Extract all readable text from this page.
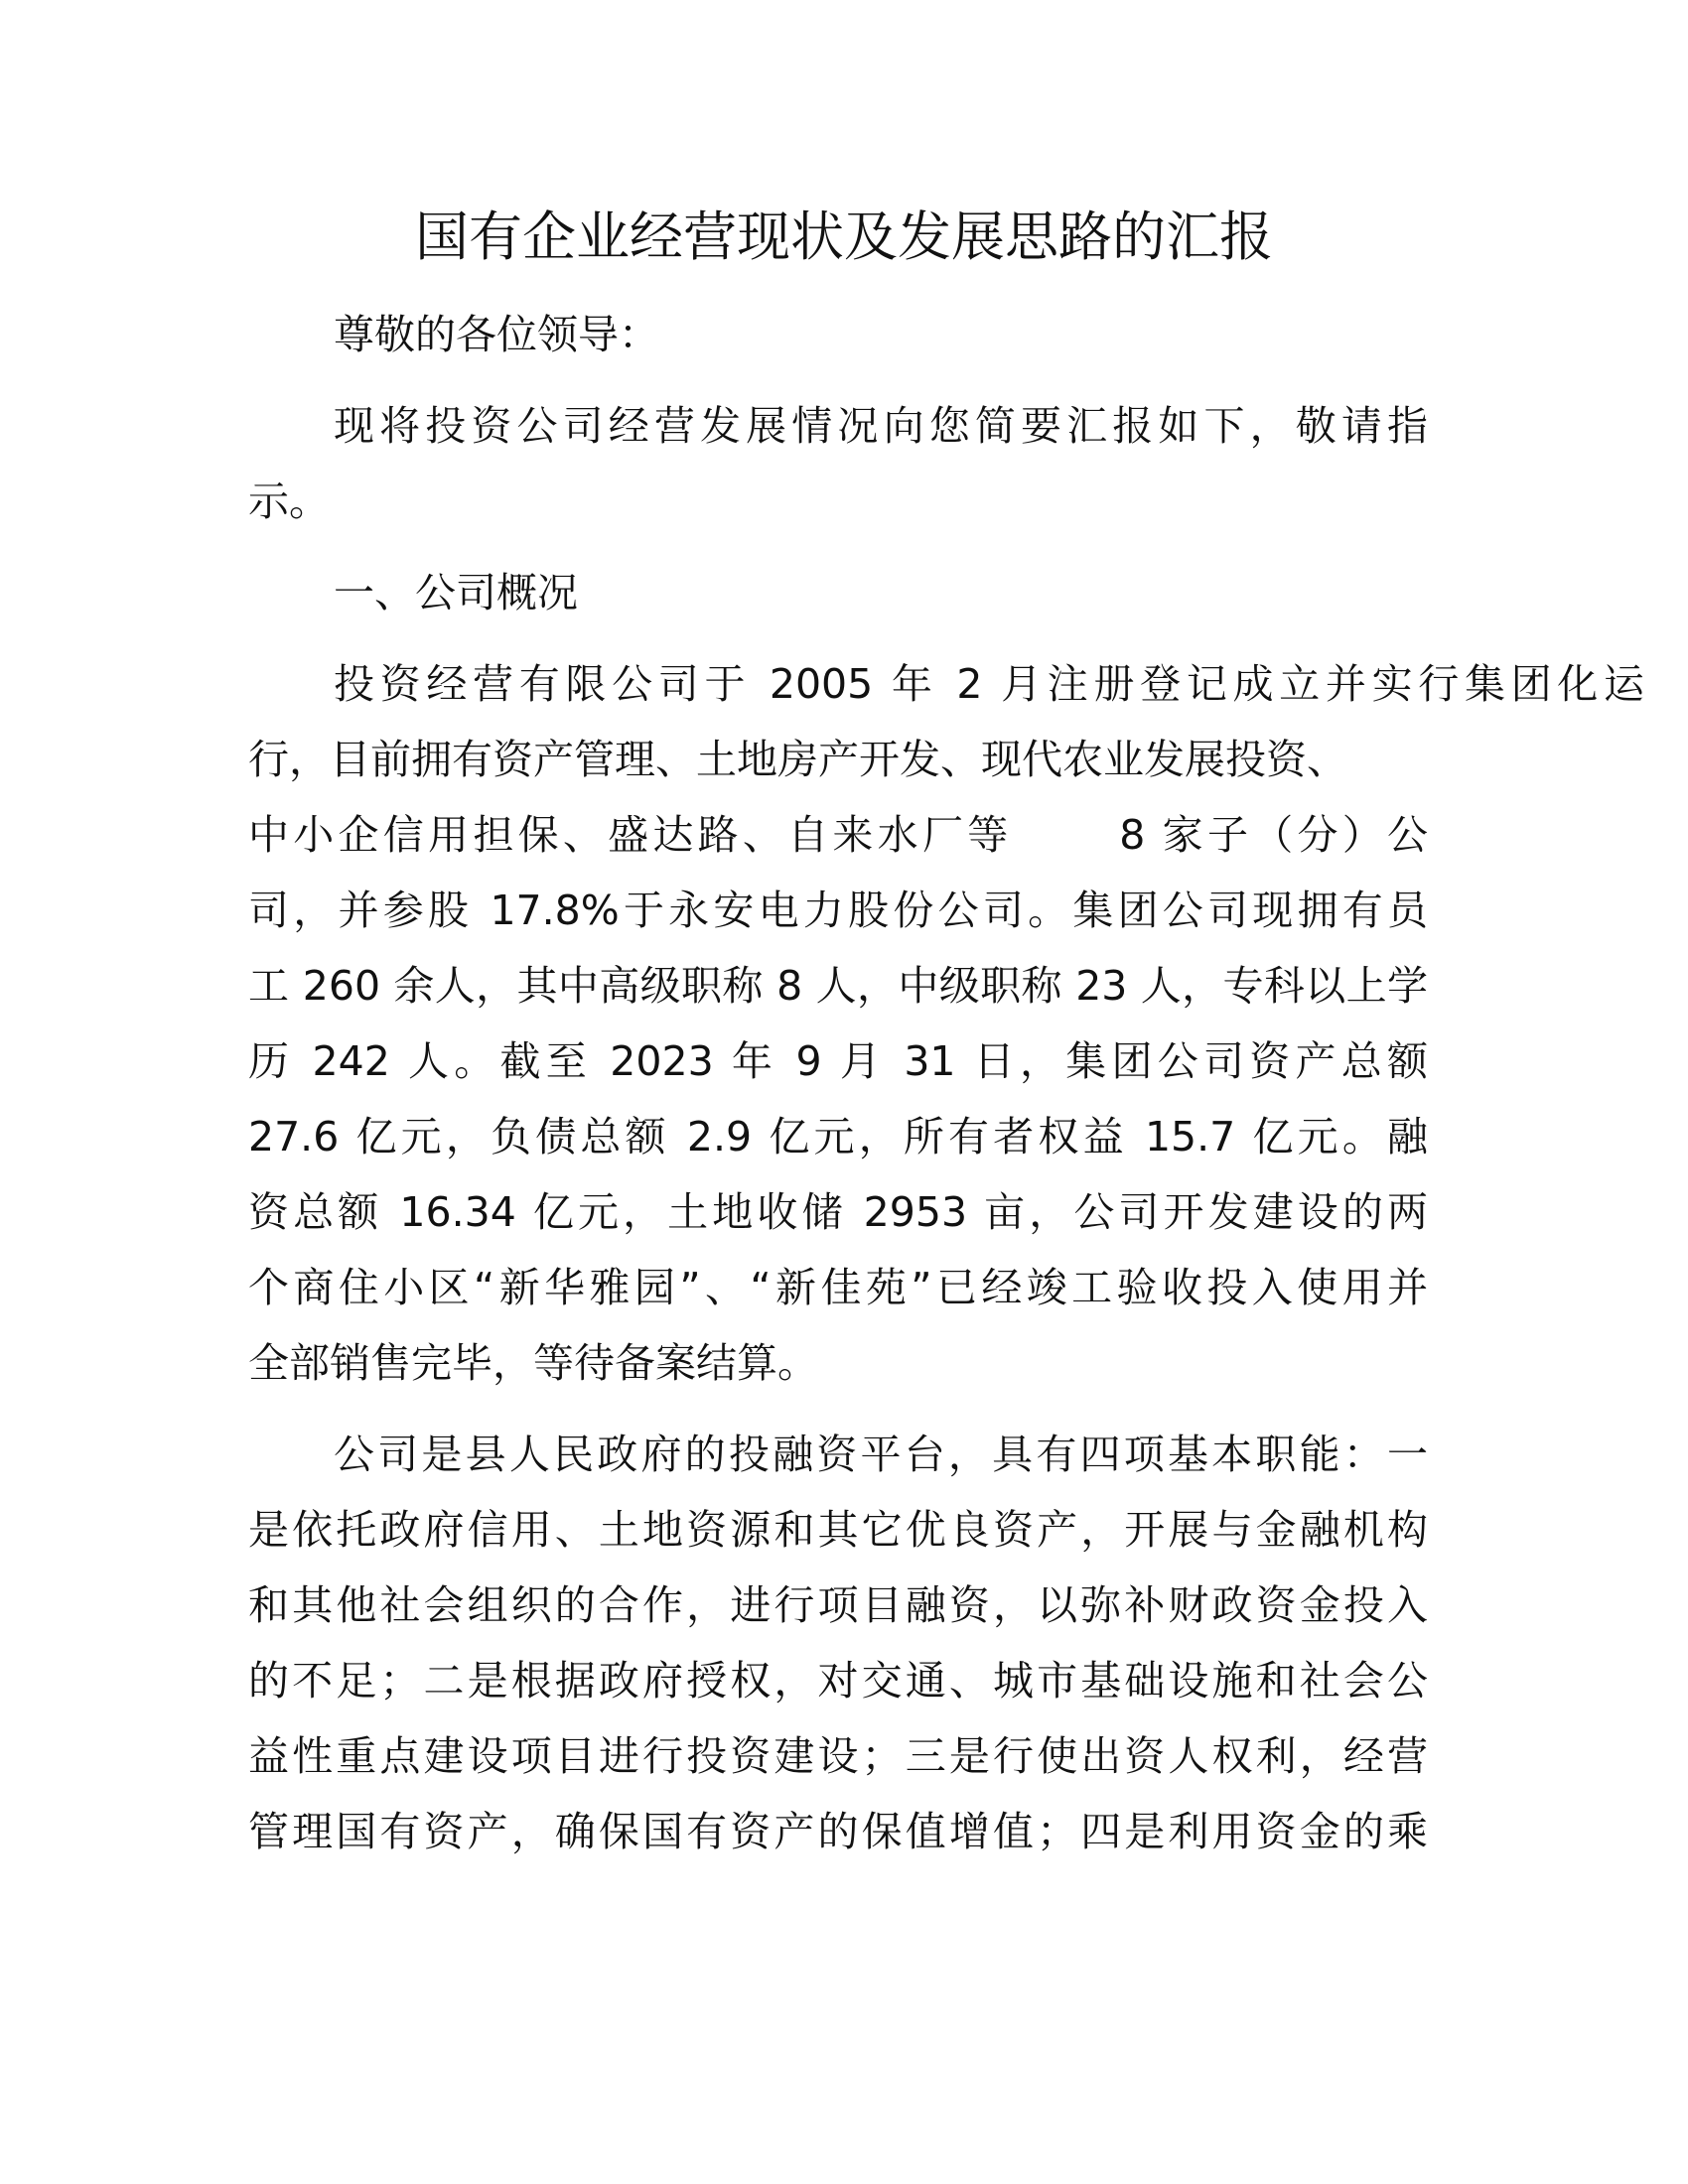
国有企业经营现状及发展思路的汇报
尊敬的各位领导：
现将投资公司经营发展情况向您简要汇报如下，敬请指
示。
一、公司概况
投资经营有限公司于 2005 年 2 月注册登记成立并实行集团化运
行，目前拥有资产管理、土地房产开发、现代农业发展投资、
中小企信用担保、盛达路、自来水厂等　　 8 家子（分）公
司，并参股 17.8%于永安电力股份公司。集团公司现拥有员
工 260 余人，其中高级职称 8 人，中级职称 23 人，专科以上学
历 242 人。截至 2023 年 9 月 31 日，集团公司资产总额
27.6 亿元，负债总额 2.9 亿元，所有者权益 15.7 亿元。融
资总额 16.34 亿元，土地收储 2953 亩，公司开发建设的两
个商住小区“新华雅园”、“新佳苑”已经竣工验收投入使用并
全部销售完毕，等待备案结算。
公司是县人民政府的投融资平台，具有四项基本职能：一
是依托政府信用、土地资源和其它优良资产，开展与金融机构
和其他社会组织的合作，进行项目融资，以弥补财政资金投入
的不足；二是根据政府授权，对交通、城市基础设施和社会公
益性重点建设项目进行投资建设；三是行使出资人权利，经营
管理国有资产，确保国有资产的保值增值；四是利用资金的乘
